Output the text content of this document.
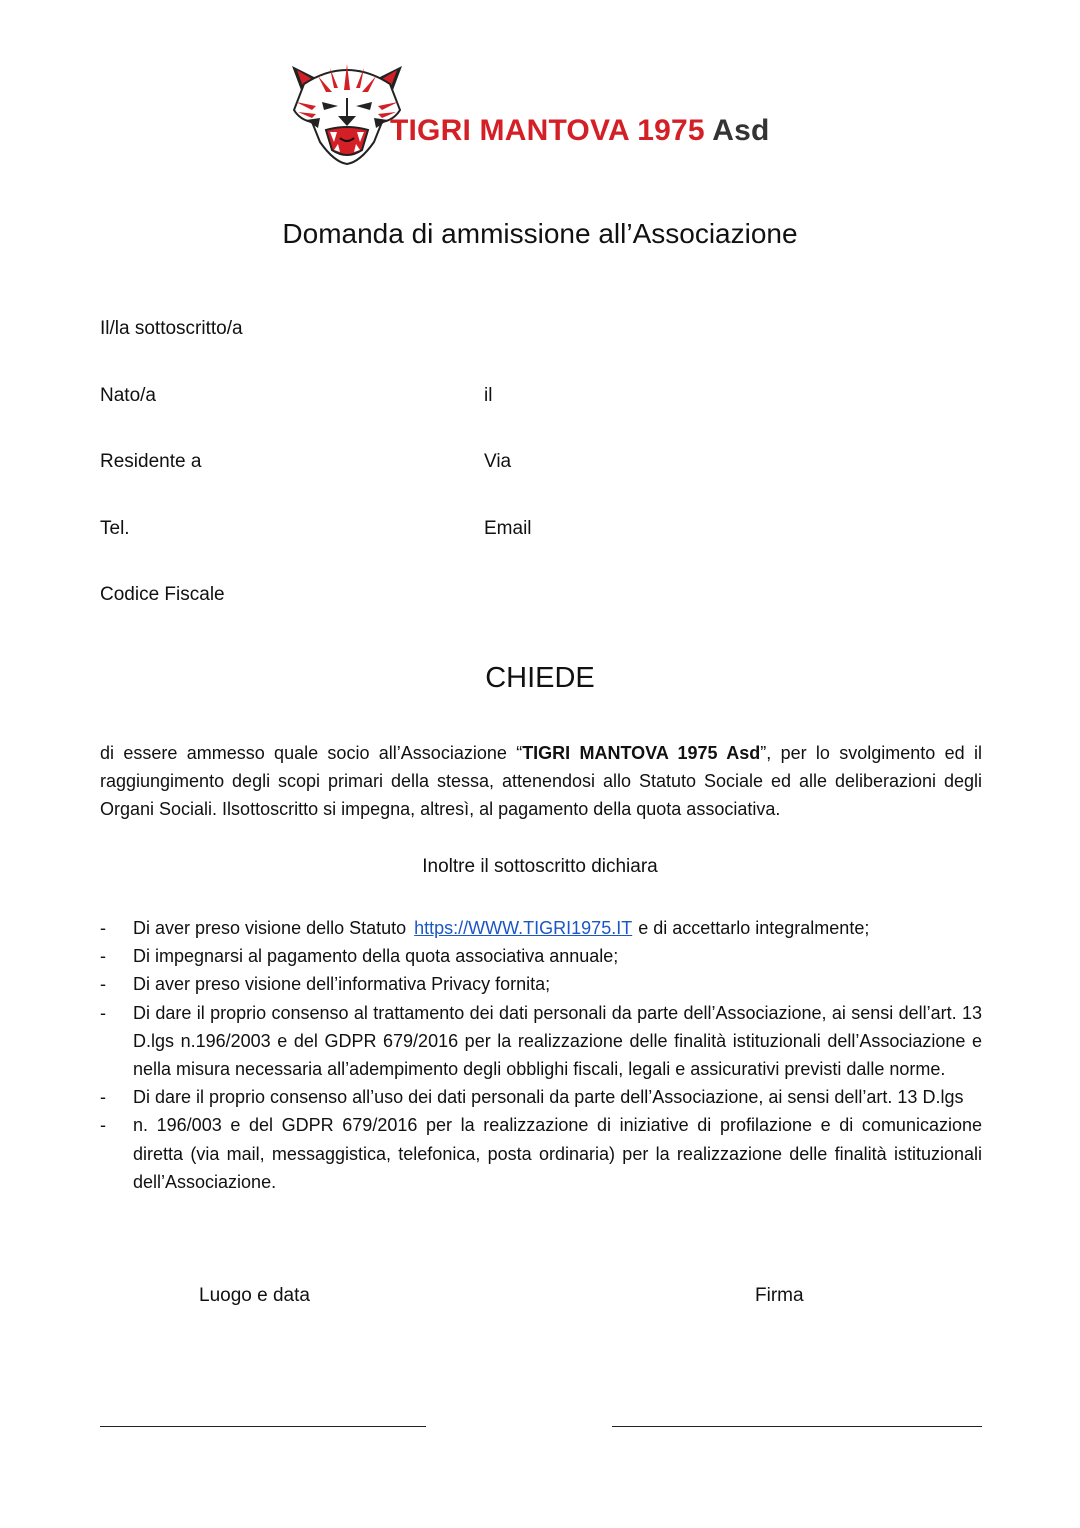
TIGRI MANTOVA 1975 Asd
Domanda di ammissione all’Associazione
Il/la sottoscritto/a
Nato/a	il
Residente a	Via
Tel.	Email
Codice Fiscale
CHIEDE
di essere ammesso quale socio all’Associazione “TIGRI MANTOVA 1975 Asd”, per lo svolgimento ed il raggiungimento degli scopi primari della stessa, attenendosi allo Statuto Sociale ed alle deliberazioni degli Organi Sociali. Ilsottoscritto si impegna, altresì, al pagamento della quota associativa.
Inoltre il sottoscritto dichiara
- Di aver preso visione dello Statuto https://WWW.TIGRI1975.IT e di accettarlo integralmente;
- Di impegnarsi al pagamento della quota associativa annuale;
- Di aver preso visione dell’informativa Privacy fornita;
- Di dare il proprio consenso al trattamento dei dati personali da parte dell’Associazione, ai sensi dell’art. 13 D.lgs n.196/2003 e del GDPR 679/2016 per la realizzazione delle finalità istituzionali dell’Associazione e nella misura necessaria all’adempimento degli obblighi fiscali, legali e assicurativi previsti dalle norme.
- Di dare il proprio consenso all’uso dei dati personali da parte dell’Associazione, ai sensi dell’art. 13 D.lgs
- n. 196/003 e del GDPR 679/2016 per la realizzazione di iniziative di profilazione e di comunicazione diretta (via mail, messaggistica, telefonica, posta ordinaria) per la realizzazione delle finalità istituzionali dell’Associazione.
Luogo e data	Firma
